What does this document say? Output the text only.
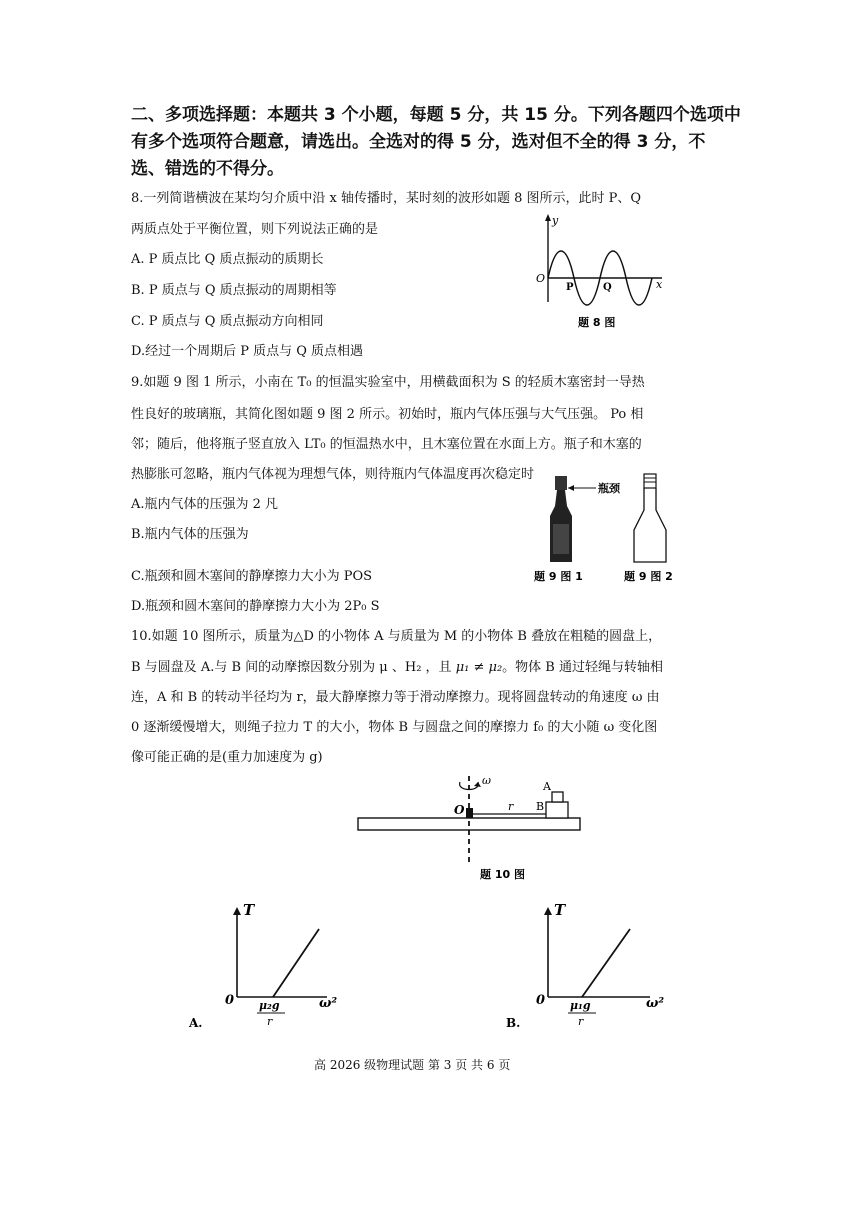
二、多项选择题：本题共 3 个小题，每题 5 分，共 15 分。下列各题四个选项中
有多个选项符合题意，请选出。全选对的得 5 分，选对但不全的得 3 分，不
选、错选的不得分。
8.一列简谐横波在某均匀介质中沿 x 轴传播时，某时刻的波形如题 8 图所示，此时 P、Q
两质点处于平衡位置，则下列说法正确的是
A. P 质点比 Q 质点振动的质期长
B. P 质点与 Q 质点振动的周期相等
C. P 质点与 Q 质点振动方向相同
D.经过一个周期后 P 质点与 Q 质点相遇
y
O
P	Q	x
题 8 图
9.如题 9 图 1 所示，小南在 T₀ 的恒温实验室中，用横截面积为 S 的轻质木塞密封一导热
性良好的玻璃瓶，其简化图如题 9 图 2 所示。初始时，瓶内气体压强与大气压强。 Po 相
邻；随后，他将瓶子竖直放入 LT₀ 的恒温热水中，且木塞位置在水面上方。瓶子和木塞的
热膨胀可忽略，瓶内气体视为理想气体，则待瓶内气体温度再次稳定时
A.瓶内气体的压强为 2 凡
B.瓶内气体的压强为
C.瓶颈和圆木塞间的静摩擦力大小为 POS
D.瓶颈和圆木塞间的静摩擦力大小为 2P₀ S
瓶颈
题 9 图 1	题 9 图 2
10.如题 10 图所示，质量为△D 的小物体 A 与质量为 M 的小物体 B 叠放在粗糙的圆盘上，
B 与圆盘及 A.与 B 间的动摩擦因数分别为 μ 、H₂ ，且 μ₁ ≠ μ₂。物体 B 通过轻绳与转轴相
连，A 和 B 的转动半径均为 r，最大静摩擦力等于滑动摩擦力。现将圆盘转动的角速度 ω 由
0 逐渐缓慢增大，则绳子拉力 T 的大小，物体 B 与圆盘之间的摩擦力 f₀ 的大小随 ω 变化图
像可能正确的是(重力加速度为 g)
题 10 图
ω
O	r B
A
T
0	ω²
μ₂g
r
A.
T
0	ω²
μ₁g
r
B.
高 2026 级物理试题 第 3 页 共 6 页
